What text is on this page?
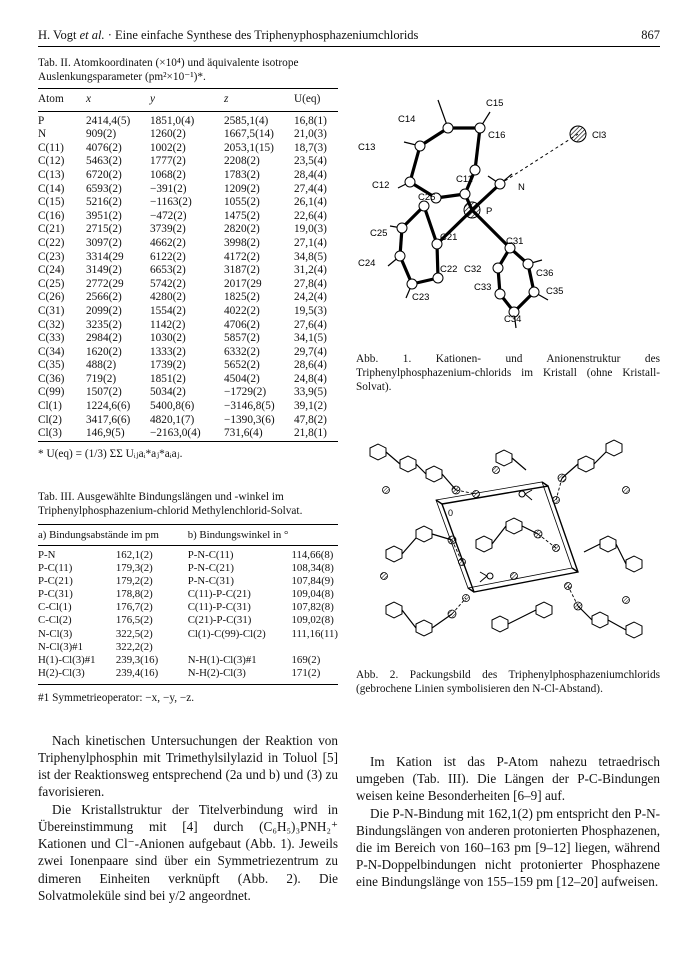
H. Vogt et al. · Eine einfache Synthese des Triphenyphosphazeniumchlorids	867
Tab. II. Atomkoordinaten (×10⁴) und äquivalente isotrope Auslenkungsparameter (pm²×10⁻¹)*.
Atom	x	y	z	U(eq)
P	2414,4(5)	1851,0(4)	2585,1(4)	16,8(1)
N	909(2)	1260(2)	1667,5(14)	21,0(3)
C(11)	4076(2)	1002(2)	2053,1(15)	18,7(3)
C(12)	5463(2)	1777(2)	2208(2)	23,5(4)
C(13)	6720(2)	1068(2)	1783(2)	28,4(4)
C(14)	6593(2)	−391(2)	1209(2)	27,4(4)
C(15)	5216(2)	−1163(2)	1055(2)	26,1(4)
C(16)	3951(2)	−472(2)	1475(2)	22,6(4)
C(21)	2715(2)	3739(2)	2820(2)	19,0(3)
C(22)	3097(2)	4662(2)	3998(2)	27,1(4)
C(23)	3314(29	6122(2)	4172(2)	34,8(5)
C(24)	3149(2)	6653(2)	3187(2)	31,2(4)
C(25)	2772(29	5742(2)	2017(29	27,8(4)
C(26)	2566(2)	4280(2)	1825(2)	24,2(4)
C(31)	2099(2)	1554(2)	4022(2)	19,5(3)
C(32)	3235(2)	1142(2)	4706(2)	27,6(4)
C(33)	2984(2)	1030(2)	5857(2)	34,1(5)
C(34)	1620(2)	1333(2)	6332(2)	29,7(4)
C(35)	488(2)	1739(2)	5652(2)	28,6(4)
C(36)	719(2)	1851(2)	4504(2)	24,8(4)
C(99)	1507(2)	5034(2)	−1729(2)	33,9(5)
Cl(1)	1224,6(6)	5400,8(6)	−3146,8(5)	39,1(2)
Cl(2)	3417,6(6)	4820,1(7)	−1390,3(6)	47,8(2)
Cl(3)	146,9(5)	−2163,0(4)	731,6(4)	21,8(1)
* U(eq) = (1/3) ΣΣ Uᵢⱼaᵢ*aⱼ*aᵢaⱼ.
Tab. III. Ausgewählte Bindungslängen und -winkel im Triphenylphosphazenium-chlorid Methylenchlorid-Solvat.
a) Bindungsabstände im pm		b) Bindungswinkel in °	
P-N	162,1(2)	P-N-C(11)	114,66(8)
P-C(11)	179,3(2)	P-N-C(21)	108,34(8)
P-C(21)	179,2(2)	P-N-C(31)	107,84(9)
P-C(31)	178,8(2)	C(11)-P-C(21)	109,04(8)
C-Cl(1)	176,7(2)	C(11)-P-C(31)	107,82(8)
C-Cl(2)	176,5(2)	C(21)-P-C(31)	109,02(8)
N-Cl(3)	322,5(2)	Cl(1)-C(99)-Cl(2)	111,16(11)
N-Cl(3)#1	322,2(2)		
H(1)-Cl(3)#1	239,3(16)	N-H(1)-Cl(3)#1	169(2)
H(2)-Cl(3)	239,4(16)	N-H(2)-Cl(3)	171(2)
#1 Symmetrieoperator: −x, −y, −z.
Nach kinetischen Untersuchungen der Reaktion von Triphenylphosphin mit Trimethylsilylazid in Toluol [5] ist der Reaktionsweg entsprechend (2a und b) und (3) zu favorisieren.
Die Kristallstruktur der Titelverbindung wird in Übereinstimmung mit [4] durch (C₆H₅)₃PNH₂⁺ Kationen und Cl⁻-Anionen aufgebaut (Abb. 1). Jeweils zwei Ionenpaare sind über ein Symmetriezentrum zu dimeren Einheiten verknüpft (Abb. 2). Die Solvatmoleküle sind bei y/2 angeordnet.
C15
C14
C16
C13
Cl3
C12
C11
N
C26
P
C25	C21	C31
C24
C22 C32	C36
C23
C33	C35
C34
Abb. 1. Kationen- und Anionenstruktur des Triphenylphosphazenium-chlorids im Kristall (ohne Kristall-Solvat).
0
Abb. 2. Packungsbild des Triphenylphosphazeniumchlorids (gebrochene Linien symbolisieren den N-Cl-Abstand).
Im Kation ist das P-Atom nahezu tetraedrisch umgeben (Tab. III). Die Längen der P-C-Bindungen weisen keine Besonderheiten [6–9] auf.
Die P-N-Bindung mit 162,1(2) pm entspricht den P-N-Bindungslängen von anderen protonierten Phosphazenen, die im Bereich von 160–163 pm [9–12] liegen, während P-N-Doppelbindungen nicht protonierter Phosphazene eine Bindungslänge von 155–159 pm [12–20] aufweisen.
